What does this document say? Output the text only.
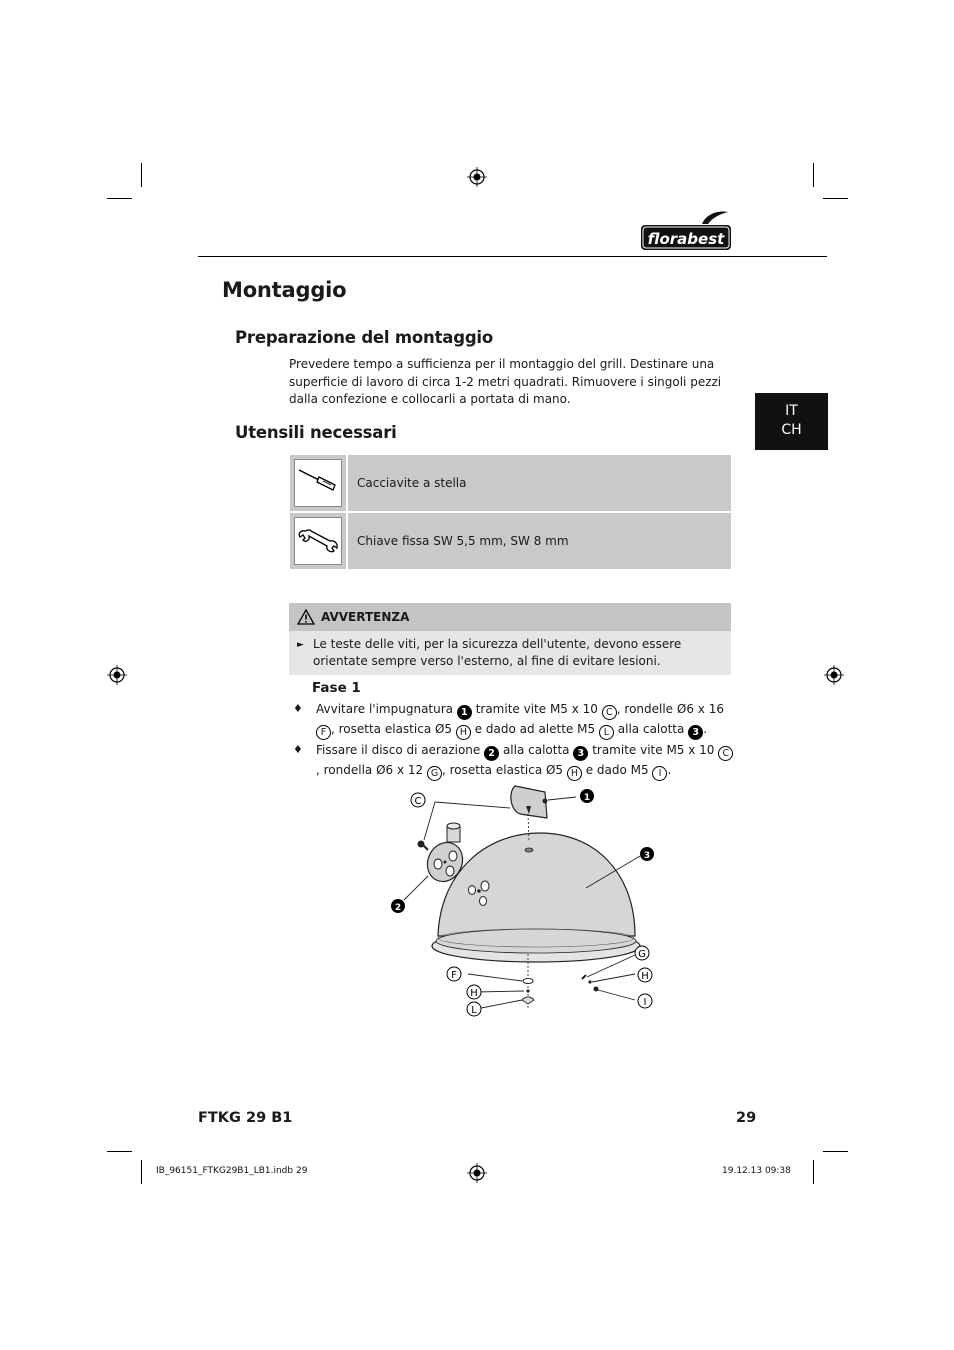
florabest
Montaggio
Preparazione del montaggio
Prevedere tempo a sufficienza per il montaggio del grill. Destinare una superficie di lavoro di circa 1-2 metri quadrati. Rimuovere i singoli pezzi dalla confezione e collocarli a portata di mano.
IT
CH
Utensili necessari
Cacciavite a stella
Chiave fissa SW 5,5 mm, SW 8 mm
AVVERTENZA
► Le teste delle viti, per la sicurezza dell'utente, devono essere orientate sempre verso l'esterno, al fine di evitare lesioni.
Fase 1
♦ Avvitare l'impugnatura 1 tramite vite M5 x 10 C , rondelle Ø6 x 16 F , rosetta elastica Ø5 H e dado ad alette M5 L alla calotta 3 .
♦ Fissare il disco di aerazione 2 alla calotta 3 tramite vite M5 x 10 C, rondella Ø6 x 12 G , rosetta elastica Ø5 H e dado M5 I .
C	1
3
2
G
F	H
H
L
I
FTKG 29 B1	29
IB_96151_FTKG29B1_LB1.indb 29	19.12.13 09:38
